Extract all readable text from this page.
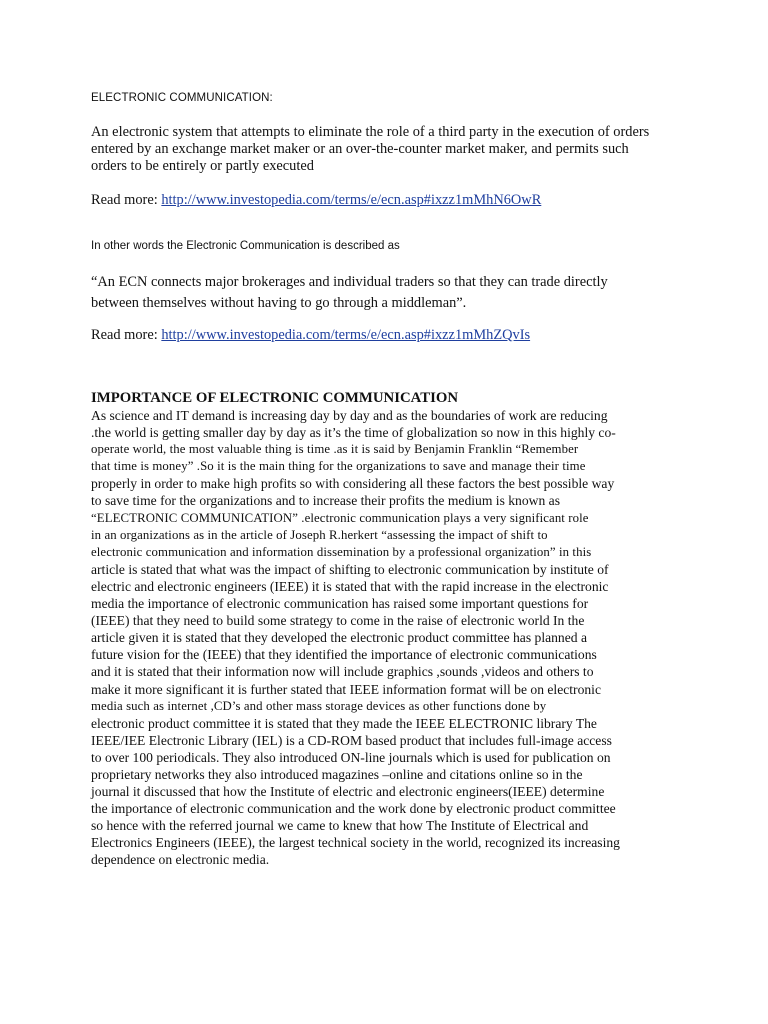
ELECTRONIC COMMUNICATION:
An electronic system that attempts to eliminate the role of a third party in the execution of orders
entered by an exchange market maker or an over-the-counter market maker, and permits such
orders to be entirely or partly executed
Read more: http://www.investopedia.com/terms/e/ecn.asp#ixzz1mMhN6OwR
In other words the Electronic Communication is described as
“An ECN connects major brokerages and individual traders so that they can trade directly
between themselves without having to go through a middleman”.
Read more: http://www.investopedia.com/terms/e/ecn.asp#ixzz1mMhZQvIs
IMPORTANCE OF ELECTRONIC COMMUNICATION
As science and IT demand is increasing day by day and as the boundaries of work are reducing
.the world is getting smaller day by day as it’s the time of globalization so now in this highly co-
operate world, the most valuable thing is time .as it is said by Benjamin Franklin “Remember
that time is money” .So it is the main thing for the organizations to save and manage their time
properly in order to make high profits so with considering all these factors the best possible way
to save time for the organizations and to increase their profits the medium is known as
“ELECTRONIC COMMUNICATION” .electronic communication plays a very significant role
in an organizations as in the article of Joseph R.herkert “assessing the impact of shift to
electronic communication and information dissemination by a professional organization” in this
article is stated that what was the impact of shifting to electronic communication by institute of
electric and electronic engineers (IEEE) it is stated that with the rapid increase in the electronic
media the importance of electronic communication has raised some important questions for
(IEEE) that they need to build some strategy to come in the raise of electronic world In the
article given it is stated that they developed the electronic product committee has planned a
future vision for the (IEEE) that they identified the importance of electronic communications
and it is stated that their information now will include graphics ,sounds ,videos and others to
make it more significant it is further stated that IEEE information format will be on electronic
media such as internet ,CD’s and other mass storage devices as other functions done by
electronic product committee it is stated that they made the IEEE ELECTRONIC library The
IEEE/IEE Electronic Library (IEL) is a CD-ROM based product that includes full-image access
to over 100 periodicals. They also introduced ON-line journals which is used for publication on
proprietary networks they also introduced magazines –online and citations online so in the
journal it discussed that how the Institute of electric and electronic engineers(IEEE) determine
the importance of electronic communication and the work done by electronic product committee
so hence with the referred journal we came to knew that how The Institute of Electrical and
Electronics Engineers (IEEE), the largest technical society in the world, recognized its increasing
dependence on electronic media.
